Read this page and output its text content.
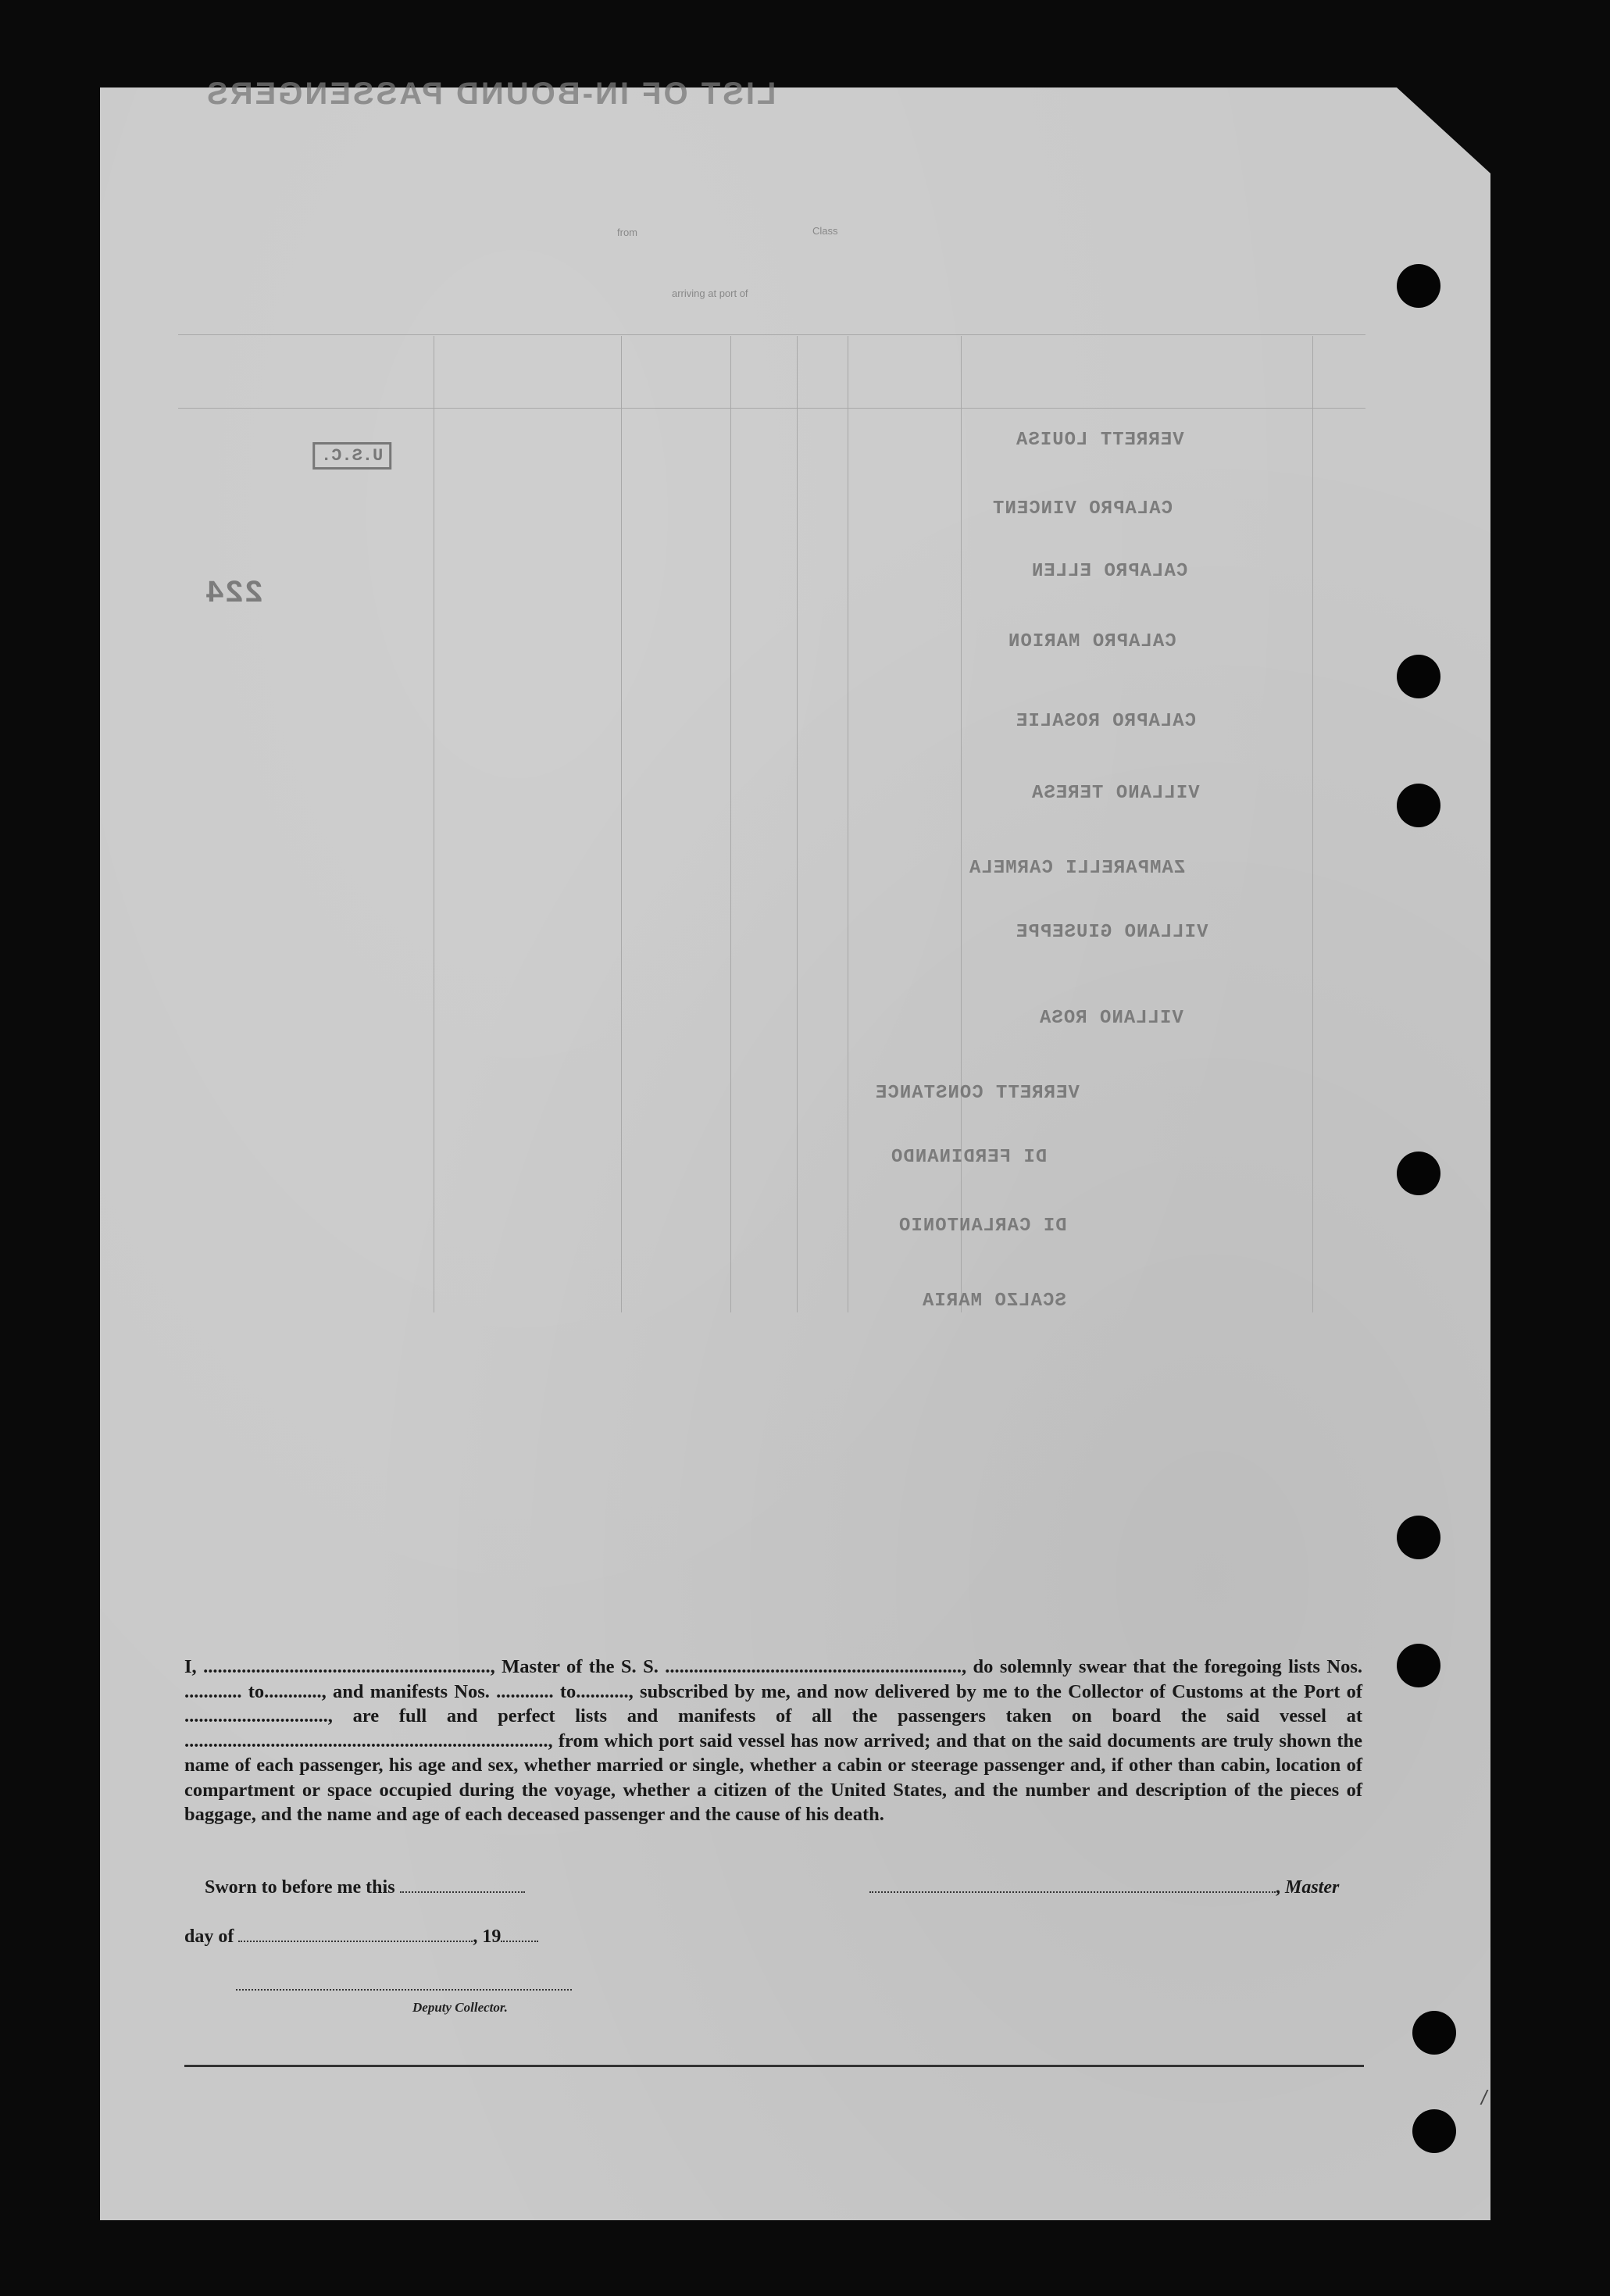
LIST OF IN-BOUND PASSENGERS
Class
from
arriving at port of
U.S.C.
224
VERRETT LOUISA
CALAPRO VINCENT
CALAPRO ELLEN
CALAPRO MARION
CALAPRO ROSALIE
VILLANO TERESA
ZAMPARELLI CARMELA
VILLANO GIUSEPPE
VILLANO ROSA
VERRETT CONSTANCE
DI FERDINANDO
DI CARLANTONIO
SCALZO MARIA
I, ............................................................, Master of the S. S. .............................................................., do solemnly swear that the foregoing lists Nos. ............ to............, and manifests Nos. ............ to..........., subscribed by me, and now delivered by me to the Collector of Customs at the Port of .............................., are full and perfect lists and manifests of all the passengers taken on board the said vessel at ............................................................................, from which port said vessel has now arrived; and that on the said documents are truly shown the name of each passenger, his age and sex, whether married or single, whether a cabin or steerage passenger and, if other than cabin, location of compartment or space occupied during the voyage, whether a citizen of the United States, and the number and description of the pieces of baggage, and the name and age of each deceased passenger and the cause of his death.
Sworn to before me this	, Master
day of	, 19
Deputy Collector.
/
